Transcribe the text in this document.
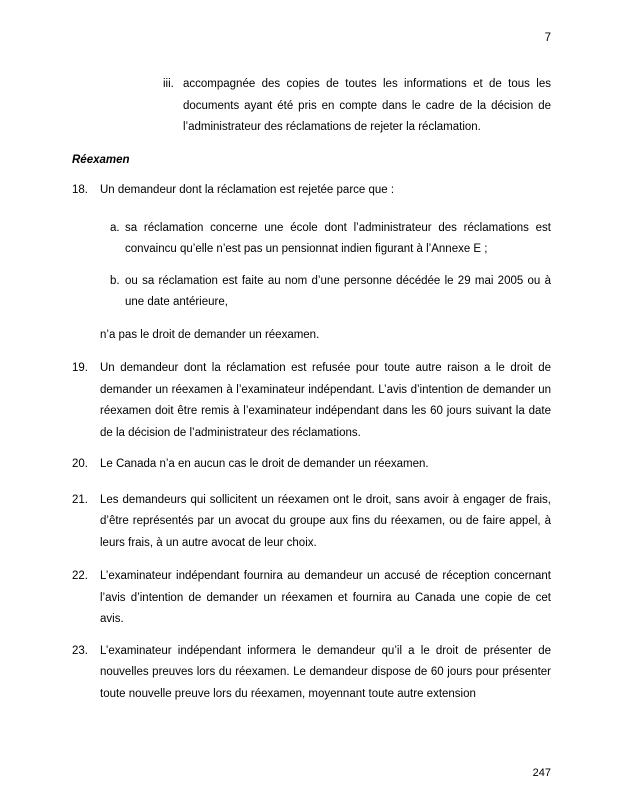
7
iii. accompagnée des copies de toutes les informations et de tous les documents ayant été pris en compte dans le cadre de la décision de l’administrateur des réclamations de rejeter la réclamation.
Réexamen
18.	Un demandeur dont la réclamation est rejetée parce que :
a. sa réclamation concerne une école dont l’administrateur des réclamations est convaincu qu’elle n’est pas un pensionnat indien figurant à l’Annexe E ;
b. ou sa réclamation est faite au nom d’une personne décédée le 29 mai 2005 ou à une date antérieure,
n’a pas le droit de demander un réexamen.
19.	Un demandeur dont la réclamation est refusée pour toute autre raison a le droit de demander un réexamen à l’examinateur indépendant. L’avis d’intention de demander un réexamen doit être remis à l’examinateur indépendant dans les 60 jours suivant la date de la décision de l’administrateur des réclamations.
20.	Le Canada n’a en aucun cas le droit de demander un réexamen.
21.	Les demandeurs qui sollicitent un réexamen ont le droit, sans avoir à engager de frais, d’être représentés par un avocat du groupe aux fins du réexamen, ou de faire appel, à leurs frais, à un autre avocat de leur choix.
22.	L’examinateur indépendant fournira au demandeur un accusé de réception concernant l’avis d’intention de demander un réexamen et fournira au Canada une copie de cet avis.
23.	L’examinateur indépendant informera le demandeur qu’il a le droit de présenter de nouvelles preuves lors du réexamen. Le demandeur dispose de 60 jours pour présenter toute nouvelle preuve lors du réexamen, moyennant toute autre extension
247
